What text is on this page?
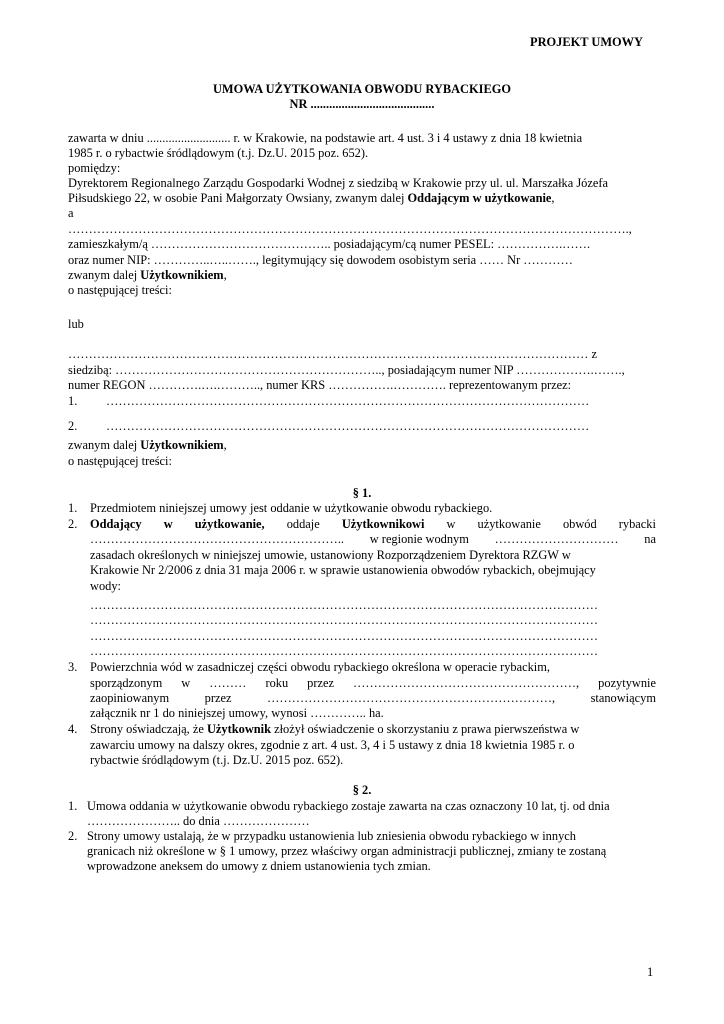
PROJEKT UMOWY
UMOWA UŻYTKOWANIA OBWODU RYBACKIEGO
NR ........................................
zawarta w dniu ........................... r. w Krakowie, na podstawie art. 4 ust. 3 i 4 ustawy z dnia 18 kwietnia
1985 r. o rybactwie śródlądowym (t.j. Dz.U. 2015 poz. 652).
pomiędzy:
Dyrektorem Regionalnego Zarządu Gospodarki Wodnej z siedzibą w Krakowie przy ul. ul. Marszałka Józefa
Piłsudskiego 22, w osobie Pani Małgorzaty Owsiany, zwanym dalej Oddającym w użytkowanie,
a
……………………………………………………………………………………………………………………….,
zamieszkałym/ą …………………………………….. posiadającym/cą numer PESEL: …………….…….
oraz numer NIP: …………..…..……., legitymujący się dowodem osobistym seria …… Nr …………
zwanym dalej Użytkownikiem,
o następującej treści:
lub
……………………………………………………………………………………………………………… z
siedzibą: ……………………………………………………….., posiadającym numer NIP ……………….…….,
numer REGON ………….….……….., numer KRS …………….…………. reprezentowanym przez:
1. ………………………………………………………………………………………………………
2. ………………………………………………………………………………………………………
zwanym dalej Użytkownikiem,
o następującej treści:
§ 1.
1. Przedmiotem niniejszej umowy jest oddanie w użytkowanie obwodu rybackiego.
2. Oddający w użytkowanie, oddaje Użytkownikowi w użytkowanie obwód rybacki
…………………………………………………….. w regionie wodnym ………………………… na
zasadach określonych w niniejszej umowie, ustanowiony Rozporządzeniem Dyrektora RZGW w
Krakowie Nr 2/2006 z dnia 31 maja 2006 r. w sprawie ustanowienia obwodów rybackich, obejmujący
wody:
……………………………………………………………………………………………………………
……………………………………………………………………………………………………………
……………………………………………………………………………………………………………
……………………………………………………………………………………………………………
3. Powierzchnia wód w zasadniczej części obwodu rybackiego określona w operacie rybackim,
sporządzonym w ……… roku przez ………………………………………………, pozytywnie
zaopiniowanym	przez	……………………………………………………………,	stanowiącym
załącznik nr 1 do niniejszej umowy, wynosi ………….. ha.
4. Strony oświadczają, że Użytkownik złożył oświadczenie o skorzystaniu z prawa pierwszeństwa w
zawarciu umowy na dalszy okres, zgodnie z art. 4 ust. 3, 4 i 5 ustawy z dnia 18 kwietnia 1985 r. o
rybactwie śródlądowym (t.j. Dz.U. 2015 poz. 652).
§ 2.
1. Umowa oddania w użytkowanie obwodu rybackiego zostaje zawarta na czas oznaczony 10 lat, tj. od dnia
………………….. do dnia …………………
2. Strony umowy ustalają, że w przypadku ustanowienia lub zniesienia obwodu rybackiego w innych
granicach niż określone w § 1 umowy, przez właściwy organ administracji publicznej, zmiany te zostaną
wprowadzone aneksem do umowy z dniem ustanowienia tych zmian.
1
